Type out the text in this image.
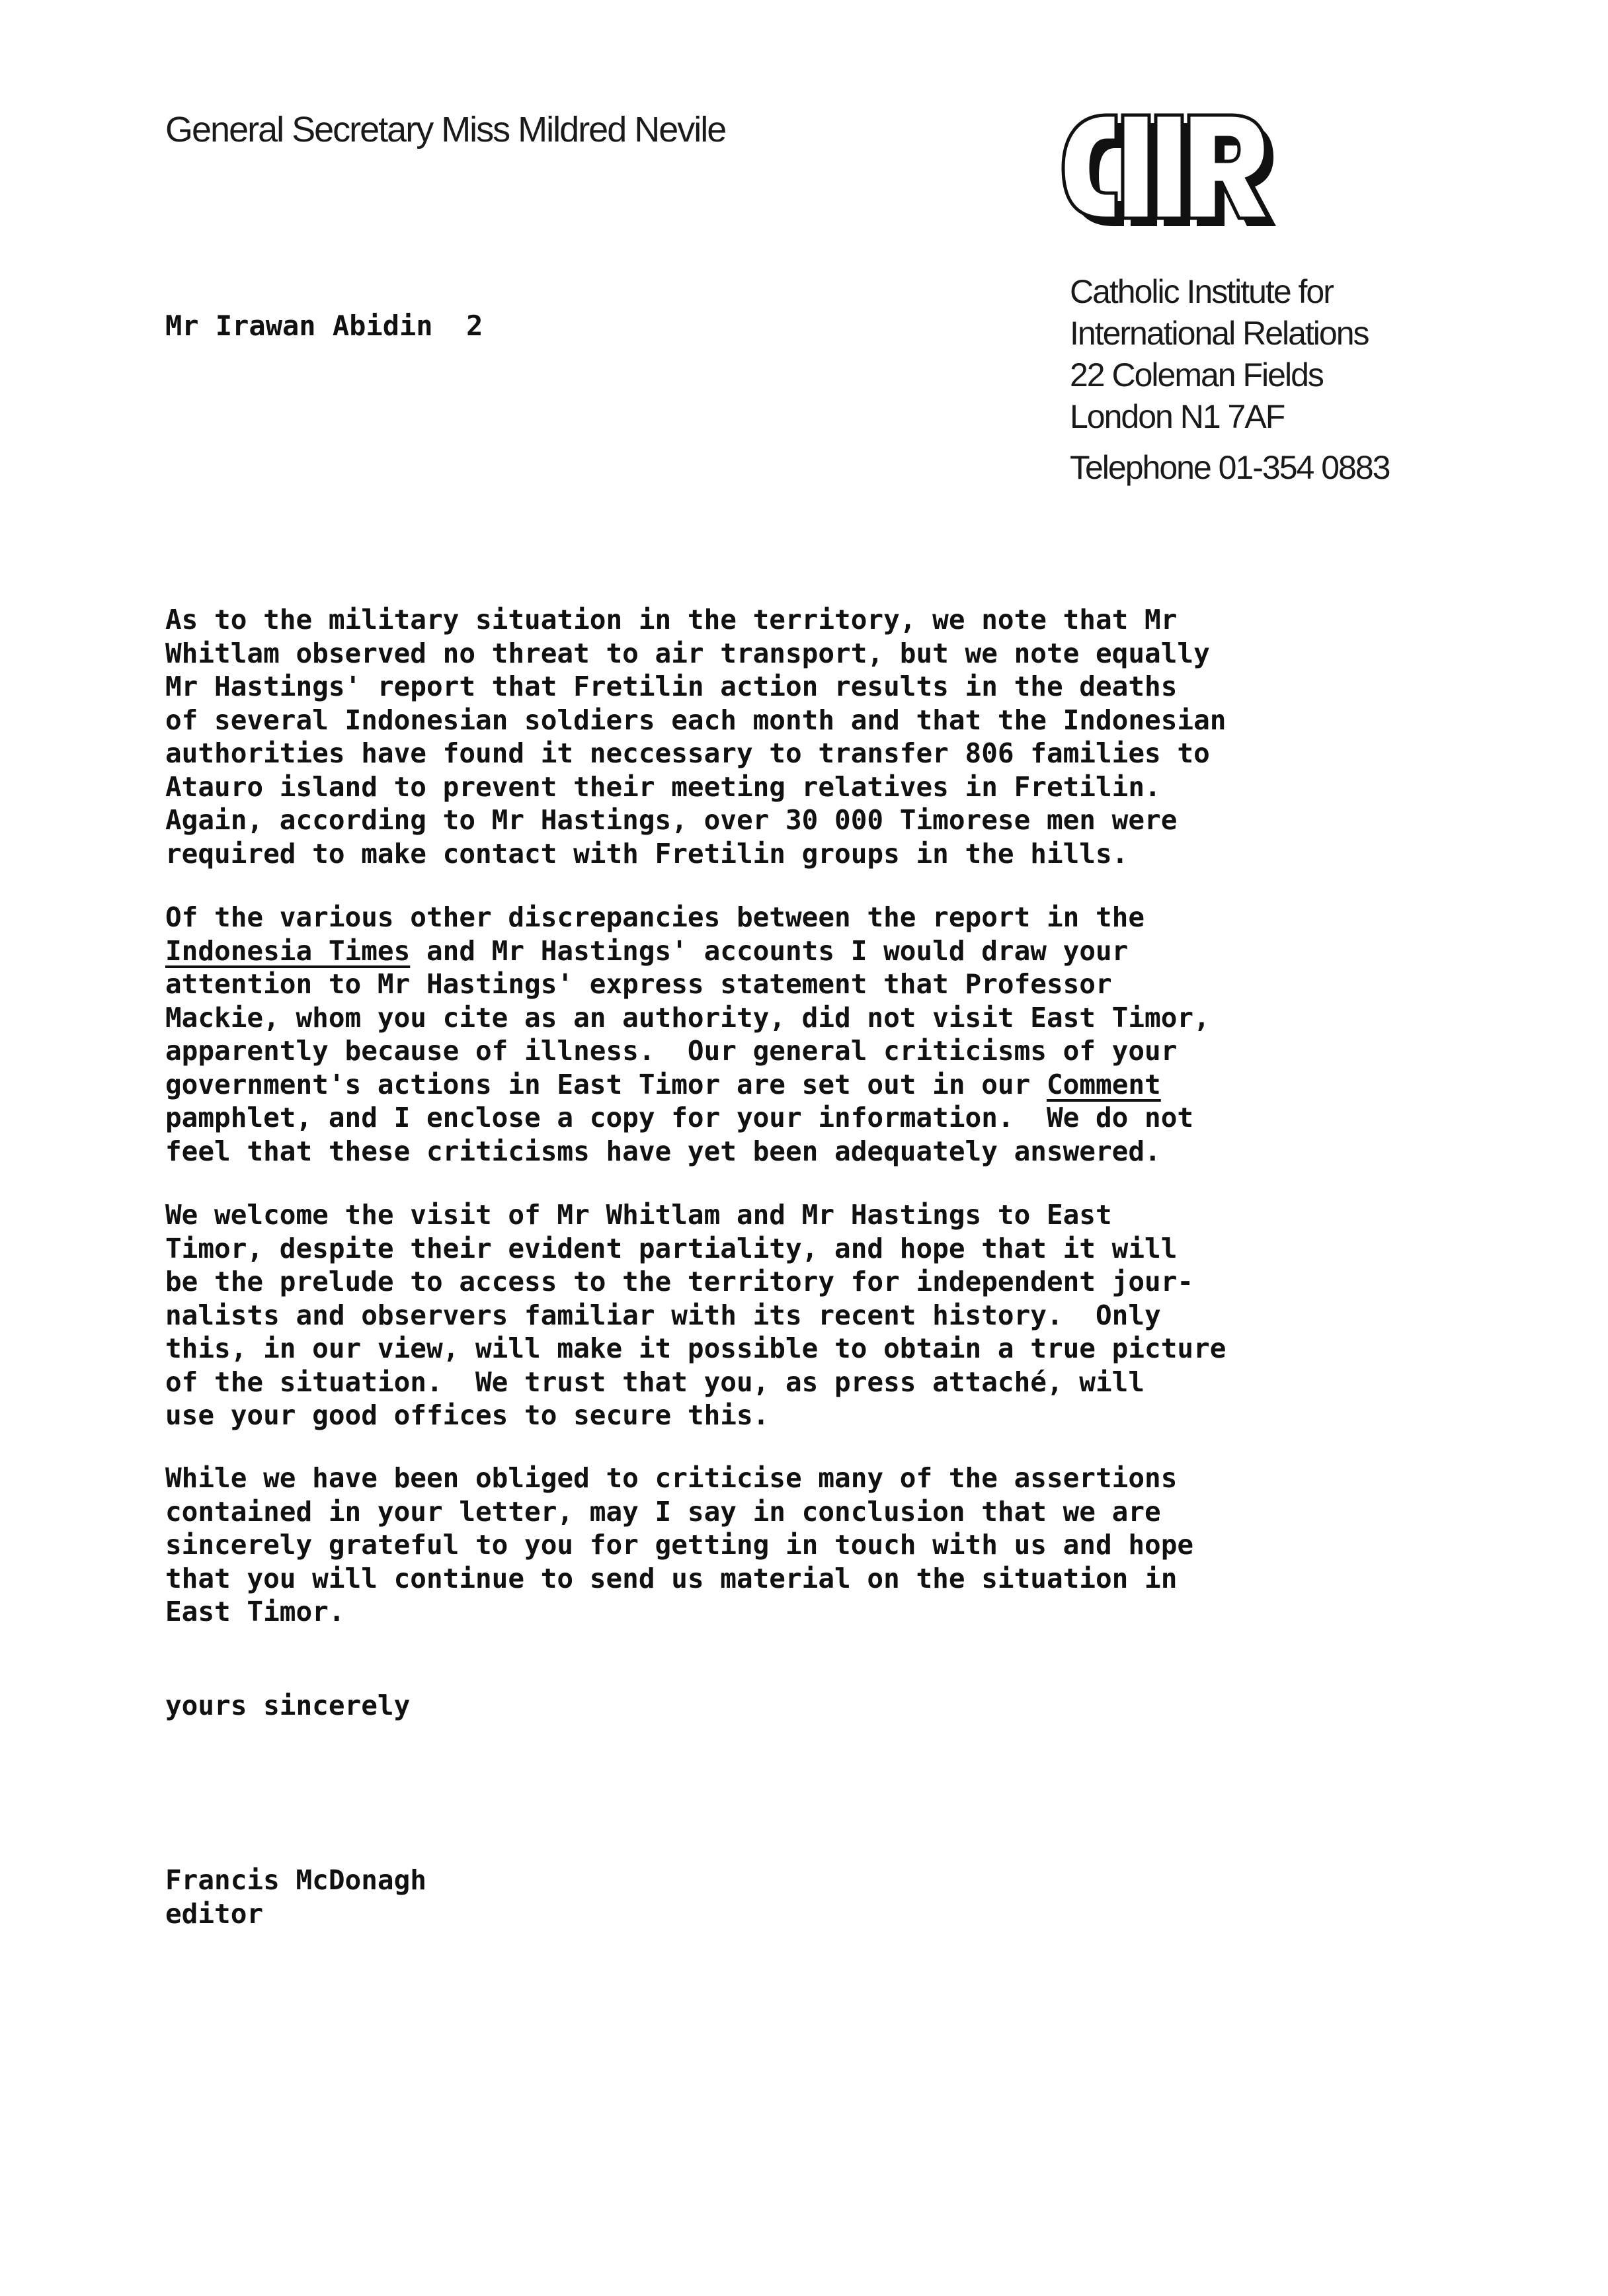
General Secretary Miss Mildred Nevile
Catholic Institute for
International Relations
22 Coleman Fields
London N1 7AF
Telephone 01-354 0883
Mr Irawan Abidin  2
As to the military situation in the territory, we note that Mr
Whitlam observed no threat to air transport, but we note equally
Mr Hastings' report that Fretilin action results in the deaths
of several Indonesian soldiers each month and that the Indonesian
authorities have found it neccessary to transfer 806 families to
Atauro island to prevent their meeting relatives in Fretilin.
Again, according to Mr Hastings, over 30 000 Timorese men were
required to make contact with Fretilin groups in the hills.
Of the various other discrepancies between the report in the
Indonesia Times and Mr Hastings' accounts I would draw your
attention to Mr Hastings' express statement that Professor
Mackie, whom you cite as an authority, did not visit East Timor,
apparently because of illness.  Our general criticisms of your
government's actions in East Timor are set out in our Comment
pamphlet, and I enclose a copy for your information.  We do not
feel that these criticisms have yet been adequately answered.
We welcome the visit of Mr Whitlam and Mr Hastings to East
Timor, despite their evident partiality, and hope that it will
be the prelude to access to the territory for independent jour-
nalists and observers familiar with its recent history.  Only
this, in our view, will make it possible to obtain a true picture
of the situation.  We trust that you, as press attaché, will
use your good offices to secure this.
While we have been obliged to criticise many of the assertions
contained in your letter, may I say in conclusion that we are
sincerely grateful to you for getting in touch with us and hope
that you will continue to send us material on the situation in
East Timor.
yours sincerely
Francis McDonagh
editor
